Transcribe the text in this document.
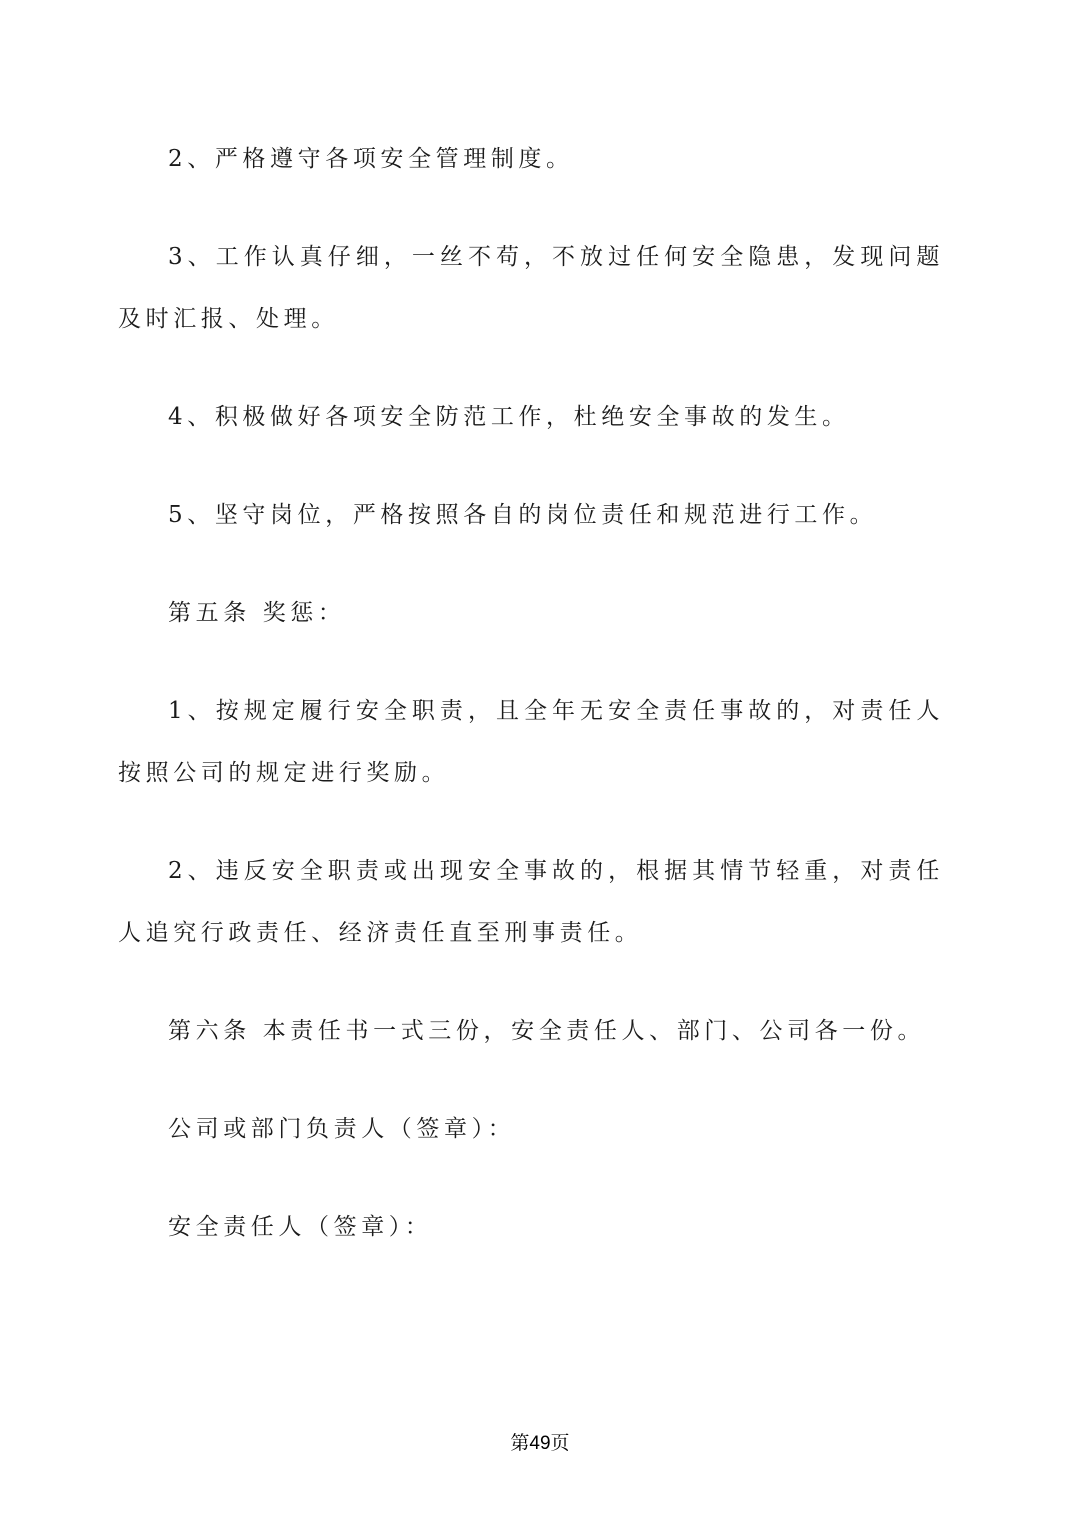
2、严格遵守各项安全管理制度。

3、工作认真仔细，一丝不苟，不放过任何安全隐患，发现问题及时汇报、处理。

4、积极做好各项安全防范工作，杜绝安全事故的发生。

5、坚守岗位，严格按照各自的岗位责任和规范进行工作。

第五条 奖惩：

1、按规定履行安全职责，且全年无安全责任事故的，对责任人按照公司的规定进行奖励。

2、违反安全职责或出现安全事故的，根据其情节轻重，对责任人追究行政责任、经济责任直至刑事责任。

第六条 本责任书一式三份，安全责任人、部门、公司各一份。

公司或部门负责人（签章）：

安全责任人（签章）：

第49页
